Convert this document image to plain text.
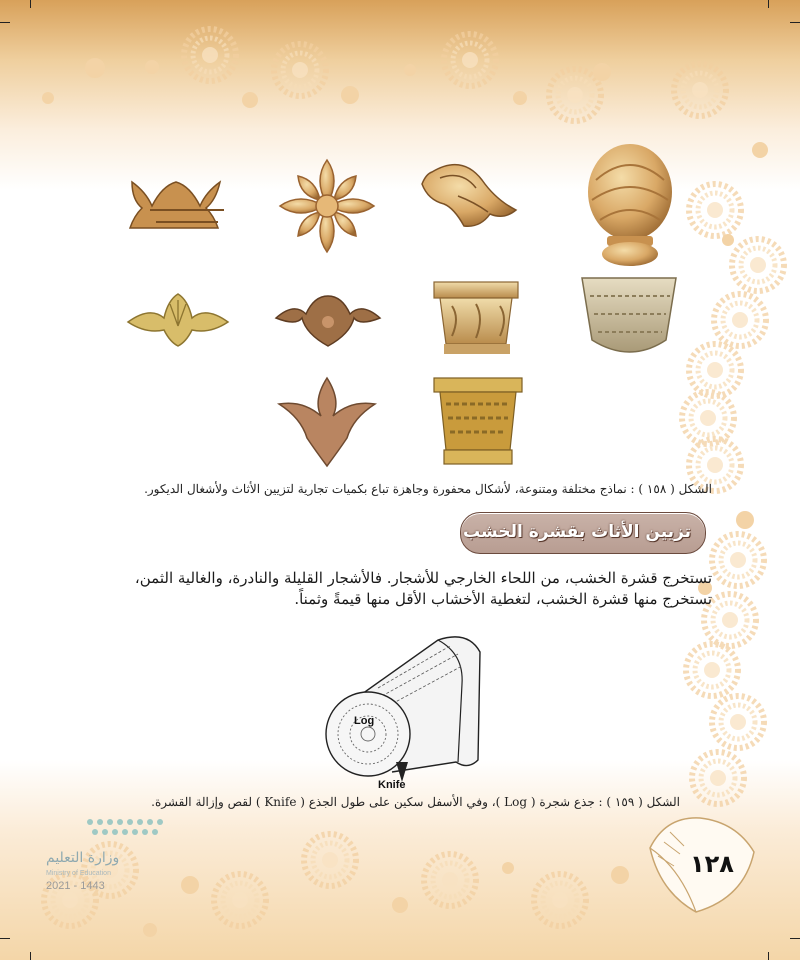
الشكل ( ١٥٨ ) : نماذج مختلفة ومتنوعة، لأشكال محفورة وجاهزة تباع بكميات تجارية لتزيين الأثاث ولأشغال الديكور.
تزيين الأثاث بقشرة الخشب

تستخرج قشرة الخشب، من اللحاء الخارجي للأشجار. فالأشجار القليلة والنادرة، والغالية الثمن،

تستخرج منها قشرة الخشب، لتغطية الأخشاب الأقل منها قيمةً وثمناً.

Log
Knife
الشكل ( ١٥٩ ) : جذع شجرة ( Log )، وفي الأسفل سكين على طول الجذع ( Knife ) لقص وإزالة القشرة.
١٢٨
وزارة التعليم
Ministry of Education
2021 - 1443
